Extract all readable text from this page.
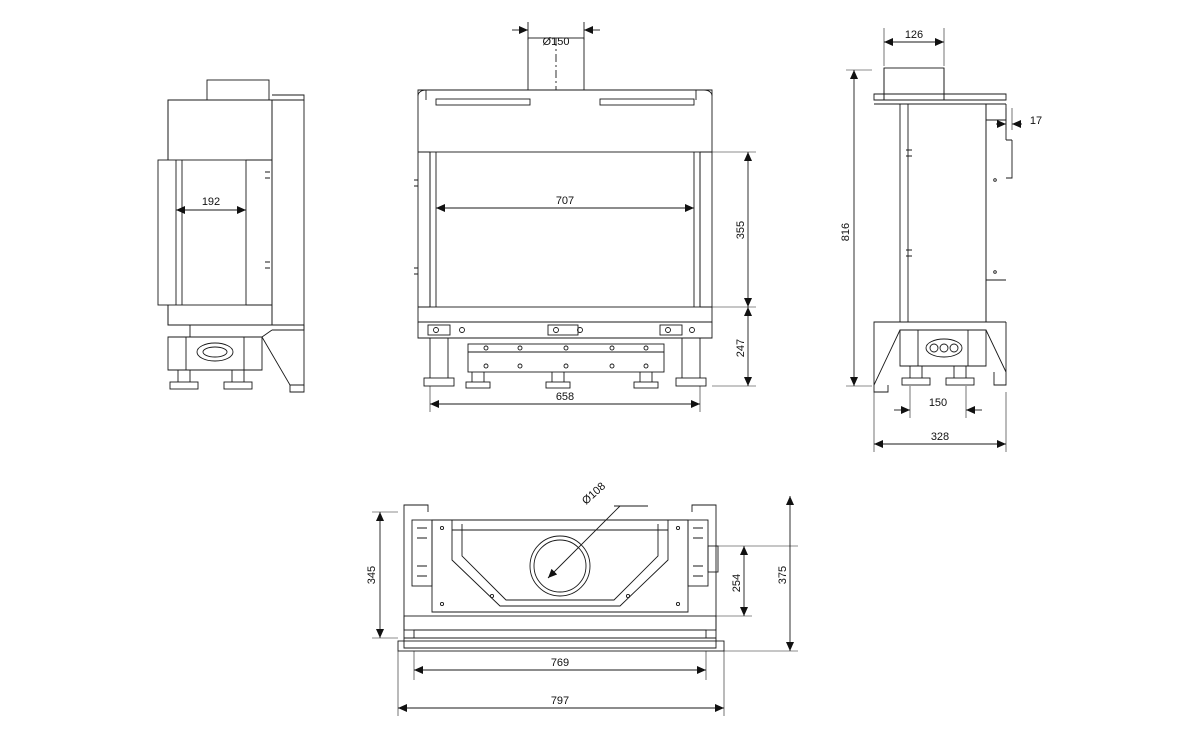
192
Ø150
707
355
247
658
126
17
816
150
328
Ø108
345	254	375
769
797
